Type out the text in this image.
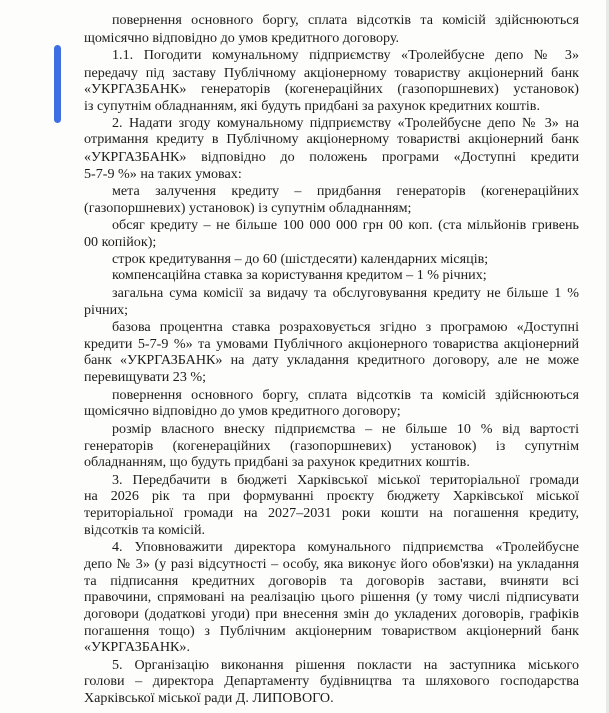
повернення основного боргу, сплата відсотків та комісій здійснюються
щомісячно відповідно до умов кредитного договору.
1.1. Погодити комунальному підприємству «Тролейбусне депо № 3»
передачу під заставу Публічному акціонерному товариству акціонерний банк
«УКРГАЗБАНК» генераторів (когенераційних (газопоршневих) установок)
із супутнім обладнанням, які будуть придбані за рахунок кредитних коштів.
2. Надати згоду комунальному підприємству «Тролейбусне депо № 3» на
отримання кредиту в Публічному акціонерному товаристві акціонерний банк
«УКРГАЗБАНК» відповідно до положень програми «Доступні кредити
5-7-9 %» на таких умовах:
мета залучення кредиту – придбання генераторів (когенераційних
(газопоршневих) установок) із супутнім обладнанням;
обсяг кредиту – не більше 100 000 000 грн 00 коп. (ста мільйонів гривень
00 копійок);
строк кредитування – до 60 (шістдесяти) календарних місяців;
компенсаційна ставка за користування кредитом – 1 % річних;
загальна сума комісії за видачу та обслуговування кредиту не більше 1 %
річних;
базова процентна ставка розраховується згідно з програмою «Доступні
кредити 5-7-9 %» та умовами Публічного акціонерного товариства акціонерний
банк «УКРГАЗБАНК» на дату укладання кредитного договору, але не може
перевищувати 23 %;
повернення основного боргу, сплата відсотків та комісій здійснюються
щомісячно відповідно до умов кредитного договору;
розмір власного внеску підприємства – не більше 10 % від вартості
генераторів (когенераційних (газопоршневих) установок) із супутнім
обладнанням, що будуть придбані за рахунок кредитних коштів.
3. Передбачити в бюджеті Харківської міської територіальної громади
на 2026 рік та при формуванні проєкту бюджету Харківської міської
територіальної громади на 2027–2031 роки кошти на погашення кредиту,
відсотків та комісій.
4. Уповноважити директора комунального підприємства «Тролейбусне
депо № 3» (у разі відсутності – особу, яка виконує його обов'язки) на укладання
та підписання кредитних договорів та договорів застави, вчиняти всі
правочини, спрямовані на реалізацію цього рішення (у тому числі підписувати
договори (додаткові угоди) при внесення змін до укладених договорів, графіків
погашення тощо) з Публічним акціонерним товариством акціонерний банк
«УКРГАЗБАНК».
5. Організацію виконання рішення покласти на заступника міського
голови – директора Департаменту будівництва та шляхового господарства
Харківської міської ради Д. ЛИПОВОГО.
